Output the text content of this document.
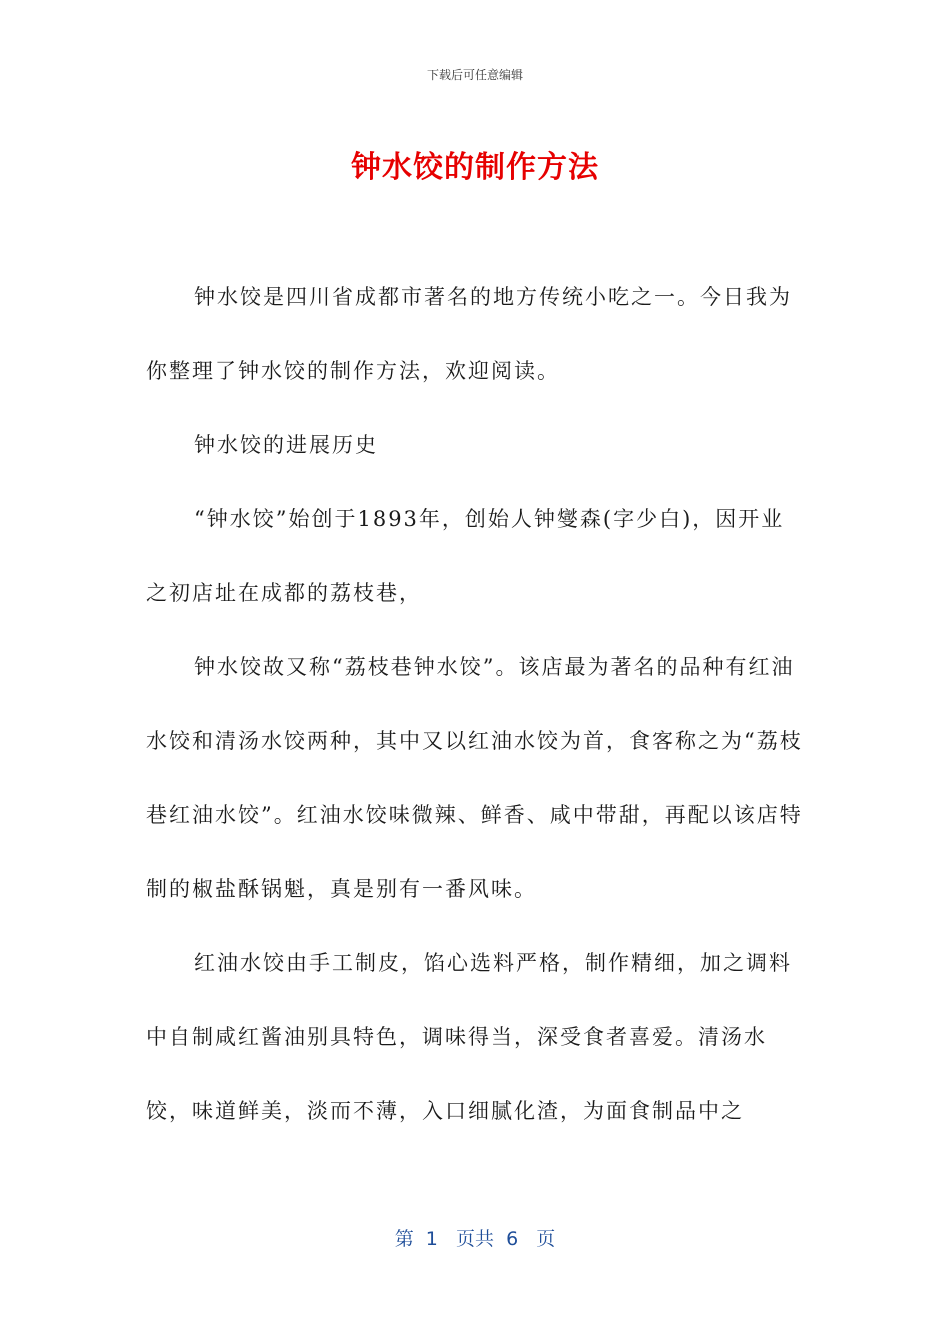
下载后可任意编辑
钟水饺的制作方法

钟水饺是四川省成都市著名的地方传统小吃之一。今日我为你整理了钟水饺的制作方法，欢迎阅读。

钟水饺的进展历史

“钟水饺”始创于1893年，创始人钟燮森(字少白)，因开业之初店址在成都的荔枝巷，

钟水饺故又称“荔枝巷钟水饺”。该店最为著名的品种有红油水饺和清汤水饺两种，其中又以红油水饺为首，食客称之为“荔枝巷红油水饺”。红油水饺味微辣、鲜香、咸中带甜，再配以该店特制的椒盐酥锅魁，真是别有一番风味。

红油水饺由手工制皮，馅心选料严格，制作精细，加之调料中自制咸红酱油别具特色，调味得当，深受食者喜爱。清汤水饺，味道鲜美，淡而不薄，入口细腻化渣，为面食制品中之

第  1   页共  6   页
